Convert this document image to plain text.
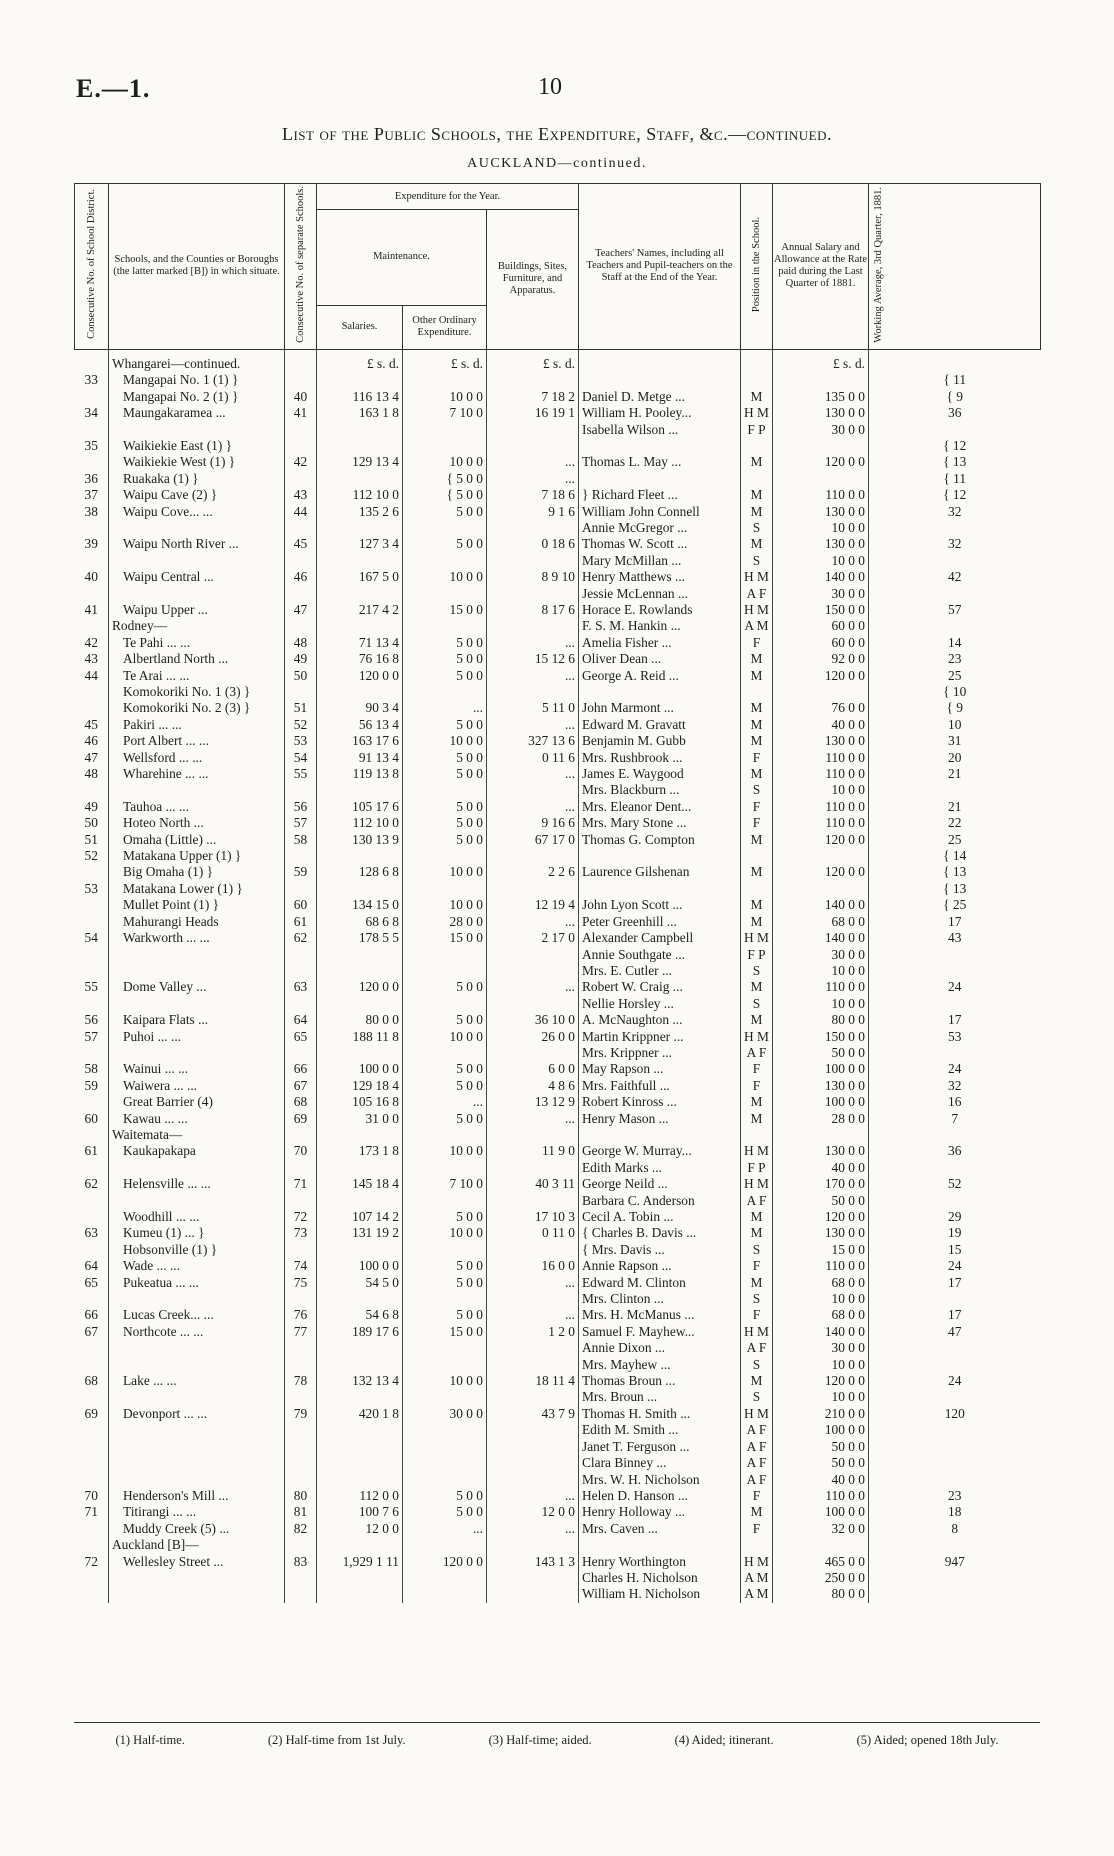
E.—1.	10
List of the Public Schools, the Expenditure, Staff, &c.—continued.
AUCKLAND—continued.
Consecutive No. of School District.	Schools, and the Counties or Boroughs (the latter marked [B]) in which situate.	Consecutive No. of separate Schools.	Expenditure for the Year.			Teachers' Names, including all Teachers and Pupil-teachers on the Staff at the End of the Year.	Position in the School.	Annual Salary and Allowance at the Rate paid during the Last Quarter of 1881.	Working Average, 3rd Quarter, 1881.
			Maintenance.		Buildings, Sites, Furniture, and Apparatus.				
			Salaries.	Other Ordinary Expenditure.					

	Whangarei—continued.		£ s. d.	£ s. d.	£ s. d.			£ s. d.	
33	Mangapai No. 1 (1) }								{ 11
	Mangapai No. 2 (1) }	40	116 13 4	10 0 0	7 18 2	Daniel D. Metge ...	M	135 0 0	{ 9
34	Maungakaramea ...	41	163 1 8	7 10 0	16 19 1	William H. Pooley...	H M	130 0 0	36
						Isabella Wilson ...	F P	30 0 0	
35	Waikiekie East (1) }								{ 12
	Waikiekie West (1) }	42	129 13 4	10 0 0	...	Thomas L. May ...	M	120 0 0	{ 13
36	Ruakaka (1) }			{ 5 0 0	...				{ 11
37	Waipu Cave (2) }	43	112 10 0	{ 5 0 0	7 18 6	} Richard Fleet ...	M	110 0 0	{ 12
38	Waipu Cove... ...	44	135 2 6	5 0 0	9 1 6	William John Connell	M	130 0 0	32
						Annie McGregor ...	S	10 0 0	
39	Waipu North River ...	45	127 3 4	5 0 0	0 18 6	Thomas W. Scott ...	M	130 0 0	32
						Mary McMillan ...	S	10 0 0	
40	Waipu Central ...	46	167 5 0	10 0 0	8 9 10	Henry Matthews ...	H M	140 0 0	42
						Jessie McLennan ...	A F	30 0 0	
41	Waipu Upper ...	47	217 4 2	15 0 0	8 17 6	Horace E. Rowlands	H M	150 0 0	57
	Rodney—					F. S. M. Hankin ...	A M	60 0 0	
42	Te Pahi ... ...	48	71 13 4	5 0 0	...	Amelia Fisher ...	F	60 0 0	14
43	Albertland North ...	49	76 16 8	5 0 0	15 12 6	Oliver Dean ...	M	92 0 0	23
44	Te Arai ... ...	50	120 0 0	5 0 0	...	George A. Reid ...	M	120 0 0	25
	Komokoriki No. 1 (3) }								{ 10
	Komokoriki No. 2 (3) }	51	90 3 4	...	5 11 0	John Marmont ...	M	76 0 0	{ 9
45	Pakiri ... ...	52	56 13 4	5 0 0	...	Edward M. Gravatt	M	40 0 0	10
46	Port Albert ... ...	53	163 17 6	10 0 0	327 13 6	Benjamin M. Gubb	M	130 0 0	31
47	Wellsford ... ...	54	91 13 4	5 0 0	0 11 6	Mrs. Rushbrook ...	F	110 0 0	20
48	Wharehine ... ...	55	119 13 8	5 0 0	...	James E. Waygood	M	110 0 0	21
						Mrs. Blackburn ...	S	10 0 0	
49	Tauhoa ... ...	56	105 17 6	5 0 0	...	Mrs. Eleanor Dent...	F	110 0 0	21
50	Hoteo North ...	57	112 10 0	5 0 0	9 16 6	Mrs. Mary Stone ...	F	110 0 0	22
51	Omaha (Little) ...	58	130 13 9	5 0 0	67 17 0	Thomas G. Compton	M	120 0 0	25
52	Matakana Upper (1) }								{ 14
	Big Omaha (1) }	59	128 6 8	10 0 0	2 2 6	Laurence Gilshenan	M	120 0 0	{ 13
53	Matakana Lower (1) }								{ 13
	Mullet Point (1) }	60	134 15 0	10 0 0	12 19 4	John Lyon Scott ...	M	140 0 0	{ 25
	Mahurangi Heads	61	68 6 8	28 0 0	...	Peter Greenhill ...	M	68 0 0	17
54	Warkworth ... ...	62	178 5 5	15 0 0	2 17 0	Alexander Campbell	H M	140 0 0	43
						Annie Southgate ...	F P	30 0 0	
						Mrs. E. Cutler ...	S	10 0 0	
55	Dome Valley ...	63	120 0 0	5 0 0	...	Robert W. Craig ...	M	110 0 0	24
						Nellie Horsley ...	S	10 0 0	
56	Kaipara Flats ...	64	80 0 0	5 0 0	36 10 0	A. McNaughton ...	M	80 0 0	17
57	Puhoi ... ...	65	188 11 8	10 0 0	26 0 0	Martin Krippner ...	H M	150 0 0	53
						Mrs. Krippner ...	A F	50 0 0	
58	Wainui ... ...	66	100 0 0	5 0 0	6 0 0	May Rapson ...	F	100 0 0	24
59	Waiwera ... ...	67	129 18 4	5 0 0	4 8 6	Mrs. Faithfull ...	F	130 0 0	32
	Great Barrier (4)	68	105 16 8	...	13 12 9	Robert Kinross ...	M	100 0 0	16
60	Kawau ... ...	69	31 0 0	5 0 0	...	Henry Mason ...	M	28 0 0	7
	Waitemata—								
61	Kaukapakapa	70	173 1 8	10 0 0	11 9 0	George W. Murray...	H M	130 0 0	36
						Edith Marks ...	F P	40 0 0	
62	Helensville ... ...	71	145 18 4	7 10 0	40 3 11	George Neild ...	H M	170 0 0	52
						Barbara C. Anderson	A F	50 0 0	
	Woodhill ... ...	72	107 14 2	5 0 0	17 10 3	Cecil A. Tobin ...	M	120 0 0	29
63	Kumeu (1) ... }	73	131 19 2	10 0 0	0 11 0	{ Charles B. Davis ...	M	130 0 0	19
	Hobsonville (1) }					{ Mrs. Davis ...	S	15 0 0	15
64	Wade ... ...	74	100 0 0	5 0 0	16 0 0	Annie Rapson ...	F	110 0 0	24
65	Pukeatua ... ...	75	54 5 0	5 0 0	...	Edward M. Clinton	M	68 0 0	17
						Mrs. Clinton ...	S	10 0 0	
66	Lucas Creek... ...	76	54 6 8	5 0 0	...	Mrs. H. McManus ...	F	68 0 0	17
67	Northcote ... ...	77	189 17 6	15 0 0	1 2 0	Samuel F. Mayhew...	H M	140 0 0	47
						Annie Dixon ...	A F	30 0 0	
						Mrs. Mayhew ...	S	10 0 0	
68	Lake ... ...	78	132 13 4	10 0 0	18 11 4	Thomas Broun ...	M	120 0 0	24
						Mrs. Broun ...	S	10 0 0	
69	Devonport ... ...	79	420 1 8	30 0 0	43 7 9	Thomas H. Smith ...	H M	210 0 0	120
						Edith M. Smith ...	A F	100 0 0	
						Janet T. Ferguson ...	A F	50 0 0	
						Clara Binney ...	A F	50 0 0	
						Mrs. W. H. Nicholson	A F	40 0 0	
70	Henderson's Mill ...	80	112 0 0	5 0 0	...	Helen D. Hanson ...	F	110 0 0	23
71	Titirangi ... ...	81	100 7 6	5 0 0	12 0 0	Henry Holloway ...	M	100 0 0	18
	Muddy Creek (5) ...	82	12 0 0	...	...	Mrs. Caven ...	F	32 0 0	8
	Auckland [B]—								
72	Wellesley Street ...	83	1,929 1 11	120 0 0	143 1 3	Henry Worthington	H M	465 0 0	947
						Charles H. Nicholson	A M	250 0 0	
						William H. Nicholson	A M	80 0 0	
(1) Half-time.	(2) Half-time from 1st July.	(3) Half-time; aided.	(4) Aided; itinerant.	(5) Aided; opened 18th July.
